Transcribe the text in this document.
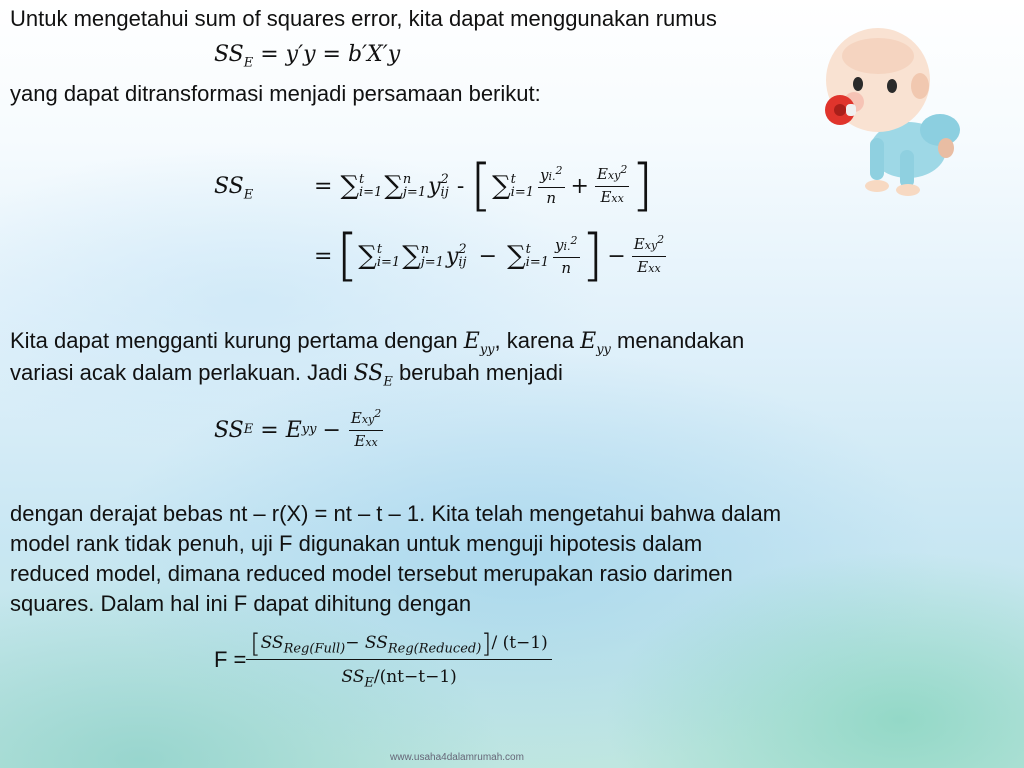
Untuk mengetahui sum of squares error, kita dapat menggunakan rumus
$SS_E = y'y = b'X'y$
yang dapat ditransformasi menjadi persamaan berikut:
$SS_E$	= ∑ t
i=1 ∑ n
j=1 y 2
ij - [ ∑ t
$i=1 \frac{yi.^2}{n} + \frac{Exy^2}{\text{Exx}}$ ]
= [ ∑ t
i=1 ∑ n
j=1 y 2
ij − ∑ t
$i=1 \frac{yi.^2}{n}$ ] − $\frac{Exy^2}{\text{Exx}}$
Kita dapat mengganti kurung pertama dengan $E_{yy}$, karena $E_{yy}$ menandakan
variasi acak dalam perlakuan. Jadi $SS_E$ berubah menjadi
SS E = E yy − $\frac{Exy^2}{\text{Exx}}$
dengan derajat bebas nt – r(X) = nt – t – 1. Kita telah mengetahui bahwa dalam
model rank tidak penuh, uji F digunakan untuk menguji hipotesis dalam
reduced model, dimana reduced model tersebut merupakan rasio darimen
squares. Dalam hal ini F dapat dihitung dengan
F =
$[SS_{Reg(Full)}- SS_{Reg(Reduced)}]/$ (t−1)
$SS_E/(nt-t-1)$
www.usaha4dalamrumah.com
